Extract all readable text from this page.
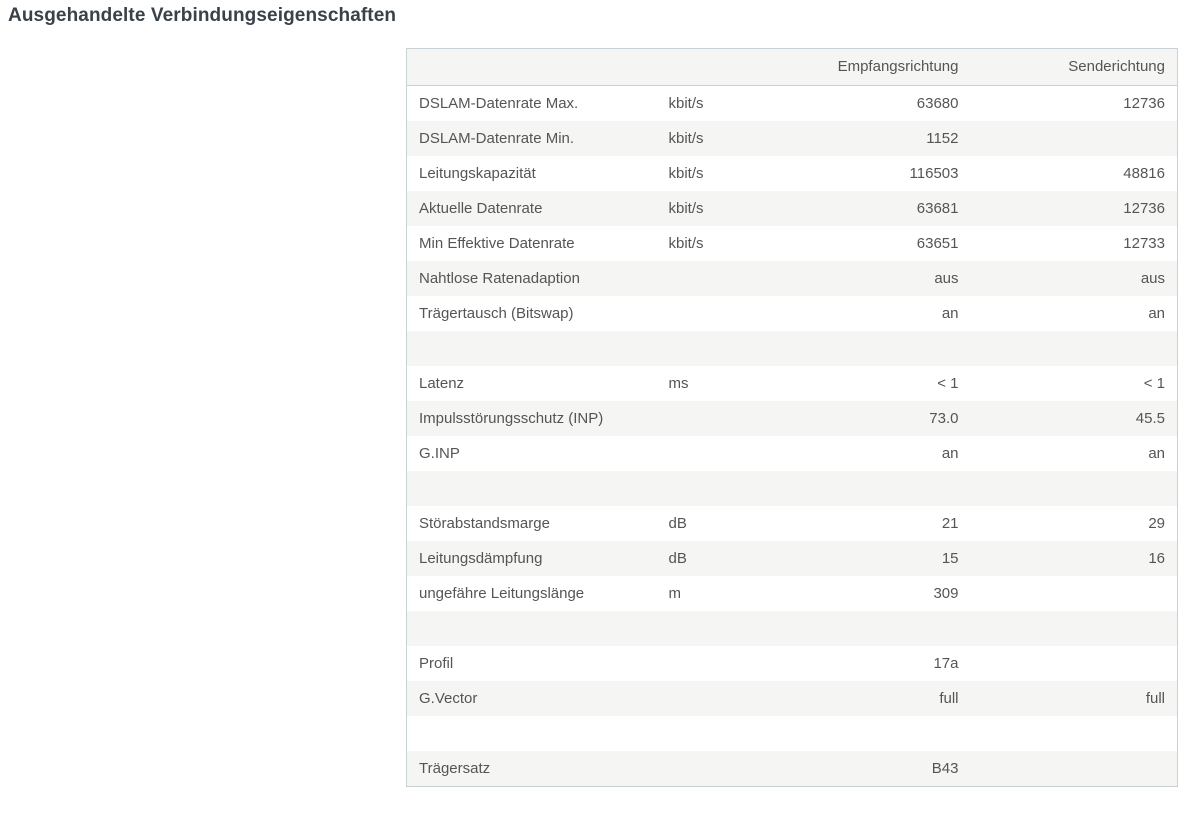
Ausgehandelte Verbindungseigenschaften
		Empfangsrichtung	Senderichtung
DSLAM-Datenrate Max.	kbit/s	63680	12736
DSLAM-Datenrate Min.	kbit/s	1152	
Leitungskapazität	kbit/s	116503	48816
Aktuelle Datenrate	kbit/s	63681	12736
Min Effektive Datenrate	kbit/s	63651	12733
Nahtlose Ratenadaption		aus	aus
Trägertausch (Bitswap)		an	an

Latenz	ms	< 1	< 1
Impulsstörungsschutz (INP)		73.0	45.5
G.INP		an	an

Störabstandsmarge	dB	21	29
Leitungsdämpfung	dB	15	16
ungefähre Leitungslänge	m	309	

Profil		17a	
G.Vector		full	full

Trägersatz		B43	
